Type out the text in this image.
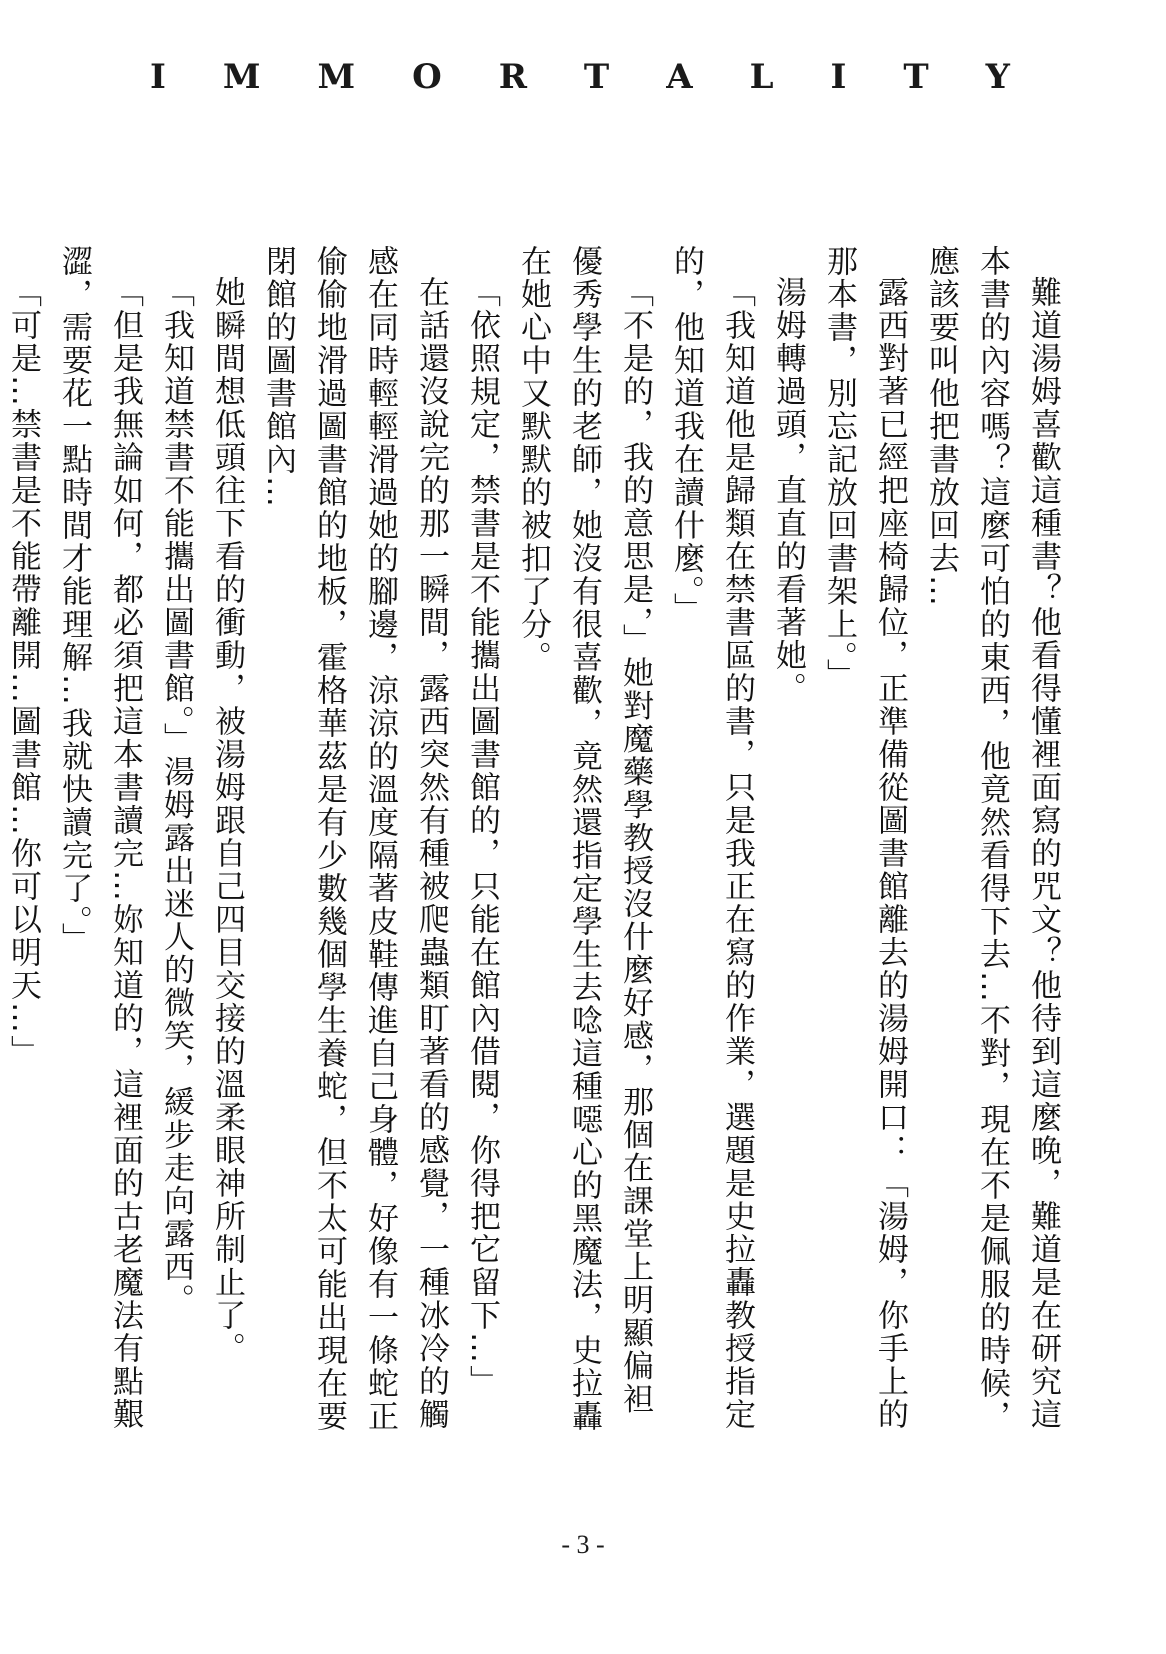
I M M O R T A L I T Y

難道湯姆喜歡這種書？他看得懂裡面寫的咒文？他待到這麼晚，難道是在研究這本書的內容嗎？這麼可怕的東西，他竟然看得下去…不對，現在不是佩服的時候，應該要叫他把書放回去…

露西對著已經把座椅歸位，正準備從圖書館離去的湯姆開口：「湯姆，你手上的那本書，別忘記放回書架上。」

湯姆轉過頭，直直的看著她。

「我知道他是歸類在禁書區的書，只是我正在寫的作業，選題是史拉轟教授指定的，他知道我在讀什麼。」

「不是的，我的意思是，」她對魔藥學教授沒什麼好感，那個在課堂上明顯偏袒優秀學生的老師，她沒有很喜歡，竟然還指定學生去唸這種噁心的黑魔法，史拉轟在她心中又默默的被扣了分。

「依照規定，禁書是不能攜出圖書館的，只能在館內借閱，你得把它留下…」

在話還沒說完的那一瞬間，露西突然有種被爬蟲類盯著看的感覺，一種冰冷的觸感在同時輕輕滑過她的腳邊，涼涼的溫度隔著皮鞋傳進自己身體，好像有一條蛇正偷偷地滑過圖書館的地板，霍格華茲是有少數幾個學生養蛇，但不太可能出現在要閉館的圖書館內…

她瞬間想低頭往下看的衝動，被湯姆跟自己四目交接的溫柔眼神所制止了。

「我知道禁書不能攜出圖書館。」湯姆露出迷人的微笑，緩步走向露西。

「但是我無論如何，都必須把這本書讀完…妳知道的，這裡面的古老魔法有點艱澀，需要花一點時間才能理解…我就快讀完了。」

「可是…禁書是不能帶離開…圖書館…你可以明天…」

- 3 -
